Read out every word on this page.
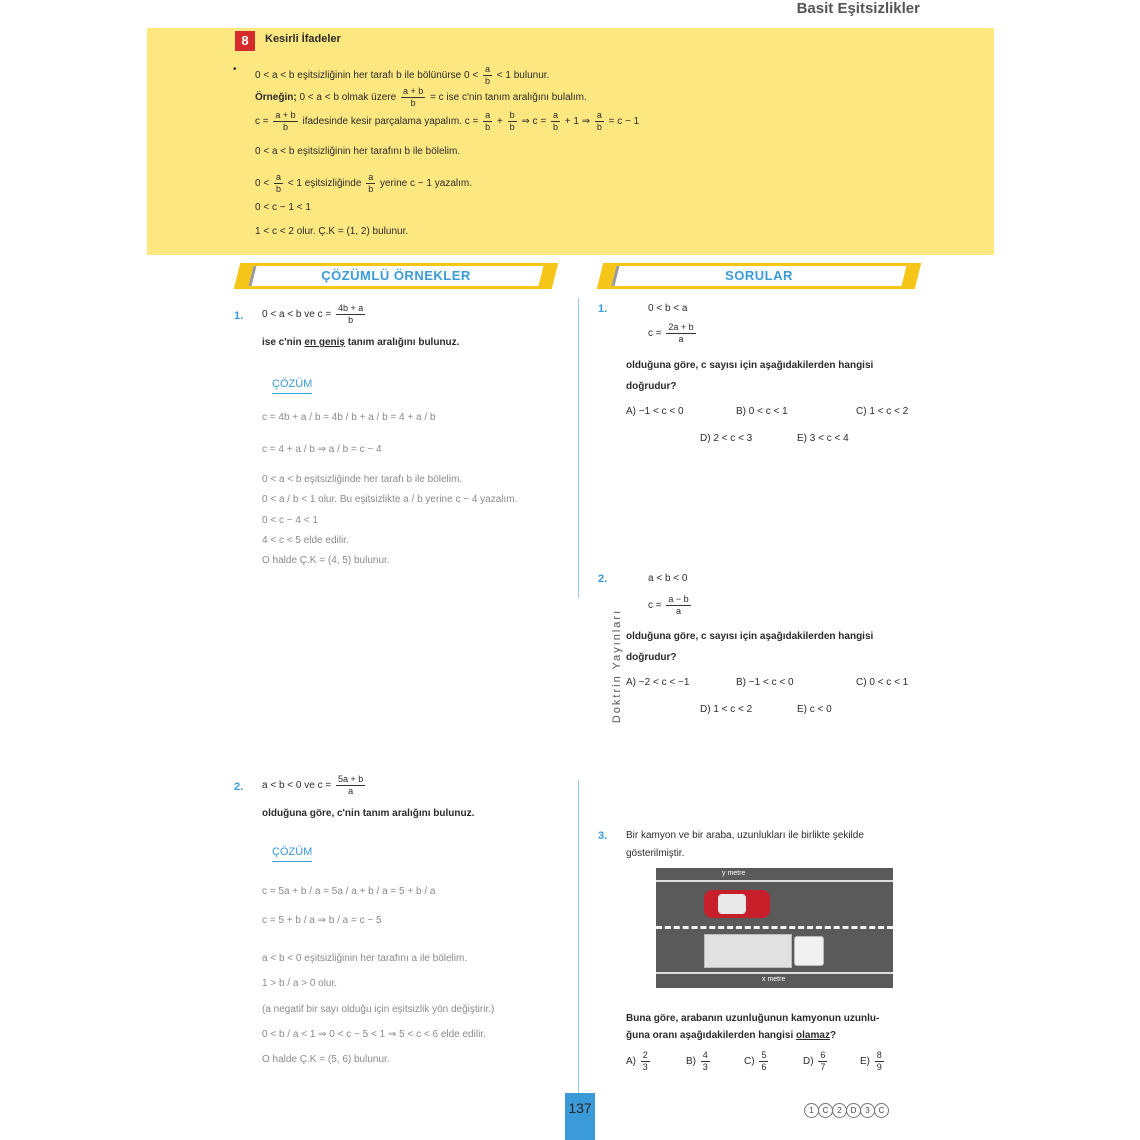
Basit Eşitsizlikler
8	Kesirli İfadeler
•
0 < a < b eşitsizliğinin her tarafı b ile bölünürse $0 < \frac{a}{b} < 1$ bulunur.
Örneğin; 0 < a < b olmak üzere $\frac{a + b}{b} = c$ ise c'nin tanım aralığını bulalım.
$c = \frac{a + b}{b}$ ifadesinde kesir parçalama yapalım. $c = \frac{a}{b} + \frac{b}{b}$ ⇒ $c = \frac{a}{b} + 1$ ⇒ $\frac{a}{b} = c - 1$
0 < a < b eşitsizliğinin her tarafını b ile bölelim.
$0 < \frac{a}{b} < 1$ eşitsizliğinde $\frac{a}{b}$ yerine c − 1 yazalım.
0 < c − 1 < 1
1 < c < 2 olur. Ç.K = (1, 2) bulunur.
ÇÖZÜMLÜ ÖRNEKLER	SORULAR
Doktrin Yayınları
1. 0 < a < b ve $c = \frac{4b + a}{b}$
ise c'nin en geniş tanım aralığını bulunuz.
ÇÖZÜM
c = 4b + a / b = 4b / b + a / b = 4 + a / b
c = 4 + a / b ⇒ a / b = c − 4
0 < a < b eşitsizliğinde her tarafı b ile bölelim.
0 < a / b < 1 olur. Bu eşitsizlikte a / b yerine c − 4 yazalım.
0 < c − 4 < 1
4 < c < 5 elde edilir.
O halde Ç.K = (4, 5) bulunur.
2. a < b < 0 ve $c = \frac{5a + b}{a}$
olduğuna göre, c'nin tanım aralığını bulunuz.
ÇÖZÜM
c = 5a + b / a = 5a / a + b / a = 5 + b / a
c = 5 + b / a ⇒ b / a = c − 5
a < b < 0 eşitsizliğinin her tarafını a ile bölelim.
1 > b / a > 0 olur.
(a negatif bir sayı olduğu için eşitsizlik yön değiştirir.)
0 < b / a < 1 ⇒ 0 < c − 5 < 1 ⇒ 5 < c < 6 elde edilir.
O halde Ç.K = (5, 6) bulunur.
1.	0 < b < a
$c = \frac{2a + b}{a}$
olduğuna göre, c sayısı için aşağıdakilerden hangisi
doğrudur?
A) −1 < c < 0	B) 0 < c < 1	C) 1 < c < 2
D) 2 < c < 3	E) 3 < c < 4
2.	a < b < 0
$c = \frac{a - b}{a}$
olduğuna göre, c sayısı için aşağıdakilerden hangisi
doğrudur?
A) −2 < c < −1	B) −1 < c < 0	C) 0 < c < 1
D) 1 < c < 2	E) c < 0
3. Bir kamyon ve bir araba, uzunlukları ile birlikte şekilde
gösterilmiştir.
y metre
x metre
Buna göre, arabanın uzunluğunun kamyonun uzunlu-
ğuna oranı aşağıdakilerden hangisi olamaz?
$A) \frac{2}{3}$	$B) \frac{4}{3}$	$C) \frac{5}{6}$	$D) \frac{6}{7}$	$E) \frac{8}{9}$
137	1 C 2 D 3 C
